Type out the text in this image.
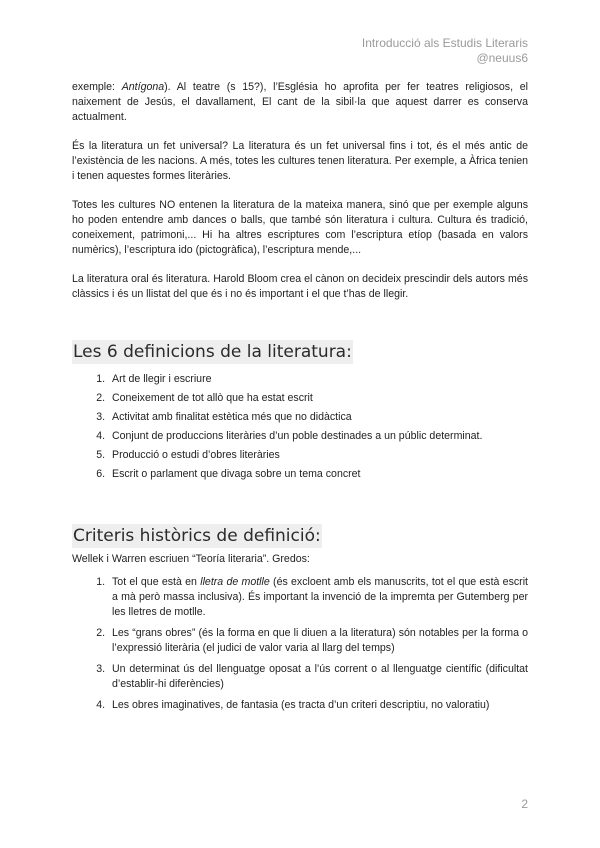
Introducció als Estudis Literaris
@neuus6

exemple: Antígona). Al teatre (s 15?), l’Església ho aprofita per fer teatres religiosos, el naixement de Jesús, el davallament, El cant de la sibil·la que aquest darrer es conserva actualment.

És la literatura un fet universal? La literatura és un fet universal fins i tot, és el més antic de l’existència de les nacions. A més, totes les cultures tenen literatura. Per exemple, a Àfrica tenien i tenen aquestes formes literàries.

Totes les cultures NO entenen la literatura de la mateixa manera, sinó que per exemple alguns ho poden entendre amb dances o balls, que també són literatura i cultura. Cultura és tradició, coneixement, patrimoni,... Hi ha altres escriptures com l’escriptura etíop (basada en valors numèrics), l’escriptura ido (pictogràfica), l’escriptura mende,...

La literatura oral és literatura. Harold Bloom crea el cànon on decideix prescindir dels autors més clàssics i és un llistat del que és i no és important i el que t’has de llegir.

Les 6 definicions de la literatura:
1. Art de llegir i escriure
2. Coneixement de tot allò que ha estat escrit
3. Activitat amb finalitat estètica més que no didàctica
4. Conjunt de produccions literàries d’un poble destinades a un públic determinat.
5. Producció o estudi d’obres literàries
6. Escrit o parlament que divaga sobre un tema concret
Criteris històrics de definició:

Wellek i Warren escriuen “Teoría literaria”. Gredos:

1. Tot el que està en lletra de motlle (és excloent amb els manuscrits, tot el que està escrit a mà però massa inclusiva). És important la invenció de la impremta per Gutemberg per les lletres de motlle.
2. Les “grans obres” (és la forma en que li diuen a la literatura) són notables per la forma o l’expressió literària (el judici de valor varia al llarg del temps)
3. Un determinat ús del llenguatge oposat a l’ús corrent o al llenguatge científic (dificultat d’establir-hi diferències)
4. Les obres imaginatives, de fantasia (es tracta d’un criteri descriptiu, no valoratiu)
2
